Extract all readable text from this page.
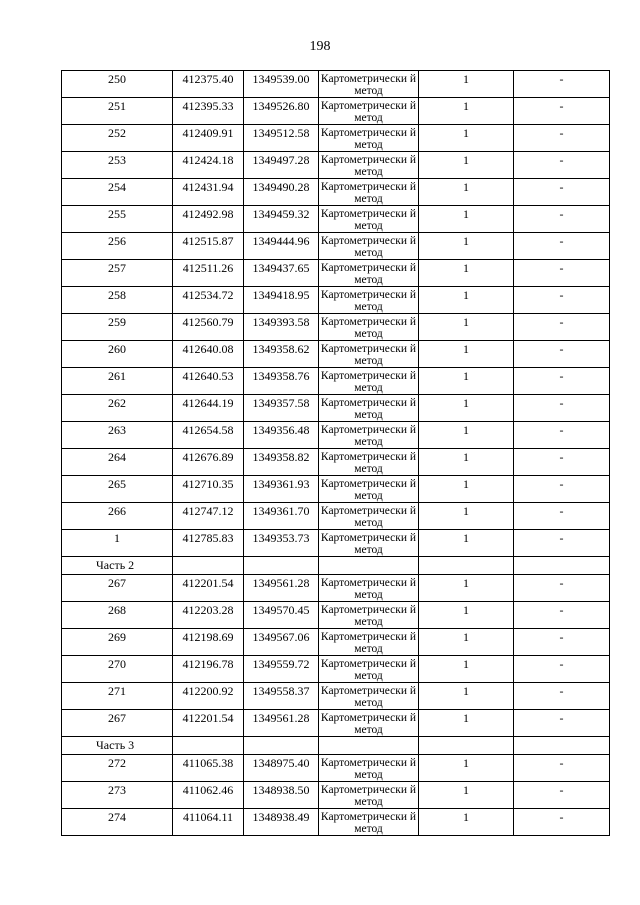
198
250	412375.40	1349539.00	Картометрически й метод	1	-
251	412395.33	1349526.80	Картометрически й метод	1	-
252	412409.91	1349512.58	Картометрически й метод	1	-
253	412424.18	1349497.28	Картометрически й метод	1	-
254	412431.94	1349490.28	Картометрически й метод	1	-
255	412492.98	1349459.32	Картометрически й метод	1	-
256	412515.87	1349444.96	Картометрически й метод	1	-
257	412511.26	1349437.65	Картометрически й метод	1	-
258	412534.72	1349418.95	Картометрически й метод	1	-
259	412560.79	1349393.58	Картометрически й метод	1	-
260	412640.08	1349358.62	Картометрически й метод	1	-
261	412640.53	1349358.76	Картометрически й метод	1	-
262	412644.19	1349357.58	Картометрически й метод	1	-
263	412654.58	1349356.48	Картометрически й метод	1	-
264	412676.89	1349358.82	Картометрически й метод	1	-
265	412710.35	1349361.93	Картометрически й метод	1	-
266	412747.12	1349361.70	Картометрически й метод	1	-
1	412785.83	1349353.73	Картометрически й метод	1	-
Часть 2					
267	412201.54	1349561.28	Картометрически й метод	1	-
268	412203.28	1349570.45	Картометрически й метод	1	-
269	412198.69	1349567.06	Картометрически й метод	1	-
270	412196.78	1349559.72	Картометрически й метод	1	-
271	412200.92	1349558.37	Картометрически й метод	1	-
267	412201.54	1349561.28	Картометрически й метод	1	-
Часть 3					
272	411065.38	1348975.40	Картометрически й метод	1	-
273	411062.46	1348938.50	Картометрически й метод	1	-
274	411064.11	1348938.49	Картометрически й метод	1	-
